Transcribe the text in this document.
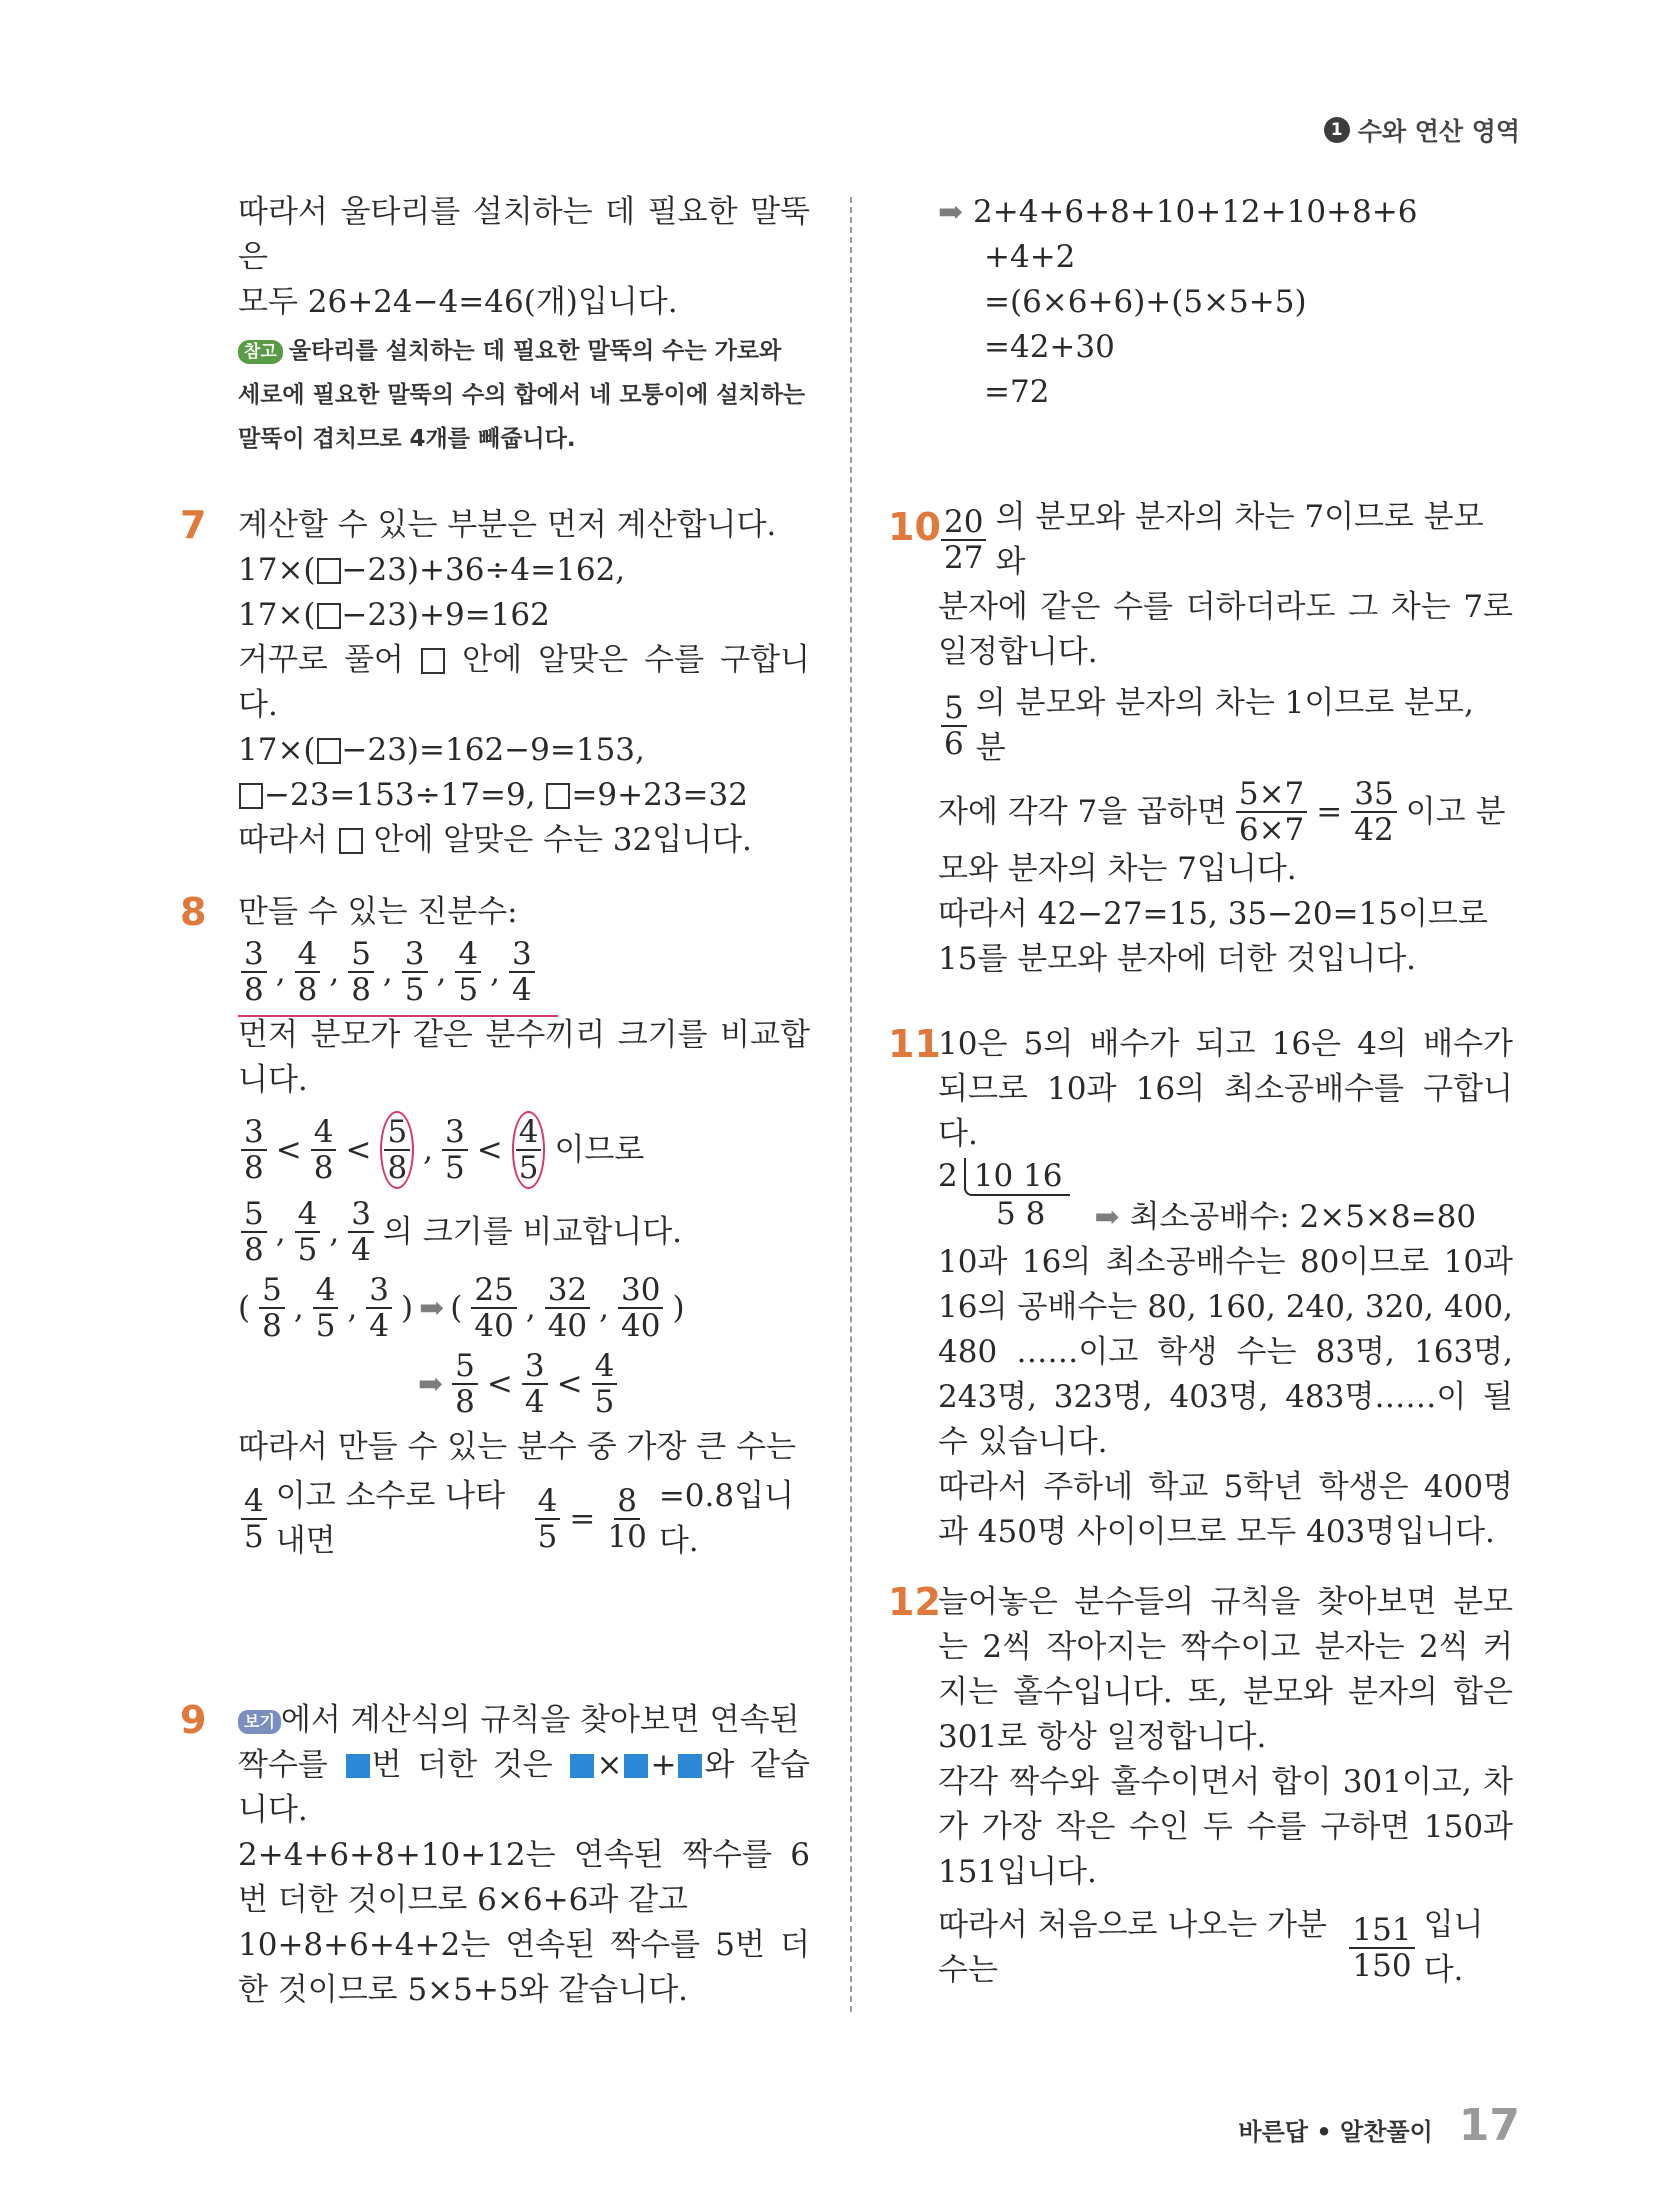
1 수와 연산 영역

따라서 울타리를 설치하는 데 필요한 말뚝은

모두 26+24−4=46(개)입니다.

참고 울타리를 설치하는 데 필요한 말뚝의 수는 가로와 세로에 필요한 말뚝의 수의 합에서 네 모퉁이에 설치하는 말뚝이 겹치므로 4개를 빼줍니다.
7 계산할 수 있는 부분은 먼저 계산합니다.

17×( −23)+36÷4=162,

17×( −23)+9=162

거꾸로 풀어 안에 알맞은 수를 구합니다.

17×( −23)=162−9=153,

−23=153÷17=9, =9+23=32

따라서 안에 알맞은 수는 32입니다.

8 만들 수 있는 진분수:

$\frac{3}{8}$ , $\frac{4}{8}$ , $\frac{5}{8}$ , $\frac{3}{5}$ , $\frac{4}{5}$ , $\frac{3}{4}$

먼저 분모가 같은 분수끼리 크기를 비교합니다.

$\frac{3}{8} < \frac{4}{8} < \frac{5}{8}$ , $\frac{3}{5} < \frac{4}{5}$ 이므로
$\frac{5}{8}$ , $\frac{4}{5}$ , $\frac{3}{4}$ 의 크기를 비교합니다.
( $\frac{5}{8}$ , $\frac{4}{5}$ , $\frac{3}{4}$ ) ➡ ( $\frac{25}{40}$ , $\frac{32}{40}$ , $\frac{30}{40}$ )
➡ $\frac{5}{8} < \frac{3}{4} < \frac{4}{5}$

따라서 만들 수 있는 분수 중 가장 큰 수는

$\frac{4}{5}$ 이고 소수로 나타내면	$\frac{4}{5} = \frac{8}{10} =0.8$입니다.
9	보기 에서 계산식의 규칙을 찾아보면 연속된

짝수를 번 더한 것은 × + 와 같습니다.

2+4+6+8+10+12는 연속된 짝수를 6번 더한 것이므로 6×6+6과 같고

10+8+6+4+2는 연속된 짝수를 5번 더한 것이므로 5×5+5와 같습니다.

➡ 2+4+6+8+10+12+10+8+6

+4+2

=(6×6+6)+(5×5+5)

=42+30

=72

$10 \frac{20}{27}$ 의 분모와 분자의 차는 7이므로 분모와

분자에 같은 수를 더하더라도 그 차는 7로 일정합니다.

$\frac{5}{6}$ 의 분모와 분자의 차는 1이므로 분모, 분
자에 각각 7을 곱하면 $\frac{5\times 7}{6\times 7} = \frac{35}{42}$ 이고 분

모와 분자의 차는 7입니다.

따라서 42−27=15, 35−20=15이므로

15를 분모와 분자에 더한 것입니다.

11

10은 5의 배수가 되고 16은 4의 배수가 되므로 10과 16의 최소공배수를 구합니다.

2 10 16
5 8	➡ 최소공배수: 2×5×8=80

10과 16의 최소공배수는 80이므로 10과 16의 공배수는 80, 160, 240, 320, 400, 480 ……이고 학생 수는 83명, 163명, 243명, 323명, 403명, 483명……이 될 수 있습니다.

따라서 주하네 학교 5학년 학생은 400명과 450명 사이이므로 모두 403명입니다.

12

늘어놓은 분수들의 규칙을 찾아보면 분모는 2씩 작아지는 짝수이고 분자는 2씩 커지는 홀수입니다. 또, 분모와 분자의 합은 301로 항상 일정합니다.

각각 짝수와 홀수이면서 합이 301이고, 차가 가장 작은 수인 두 수를 구하면 150과 151입니다.

따라서 처음으로 나오는 가분수는	$\frac{151}{150}$ 입니다.
바른답 • 알찬풀이 17
